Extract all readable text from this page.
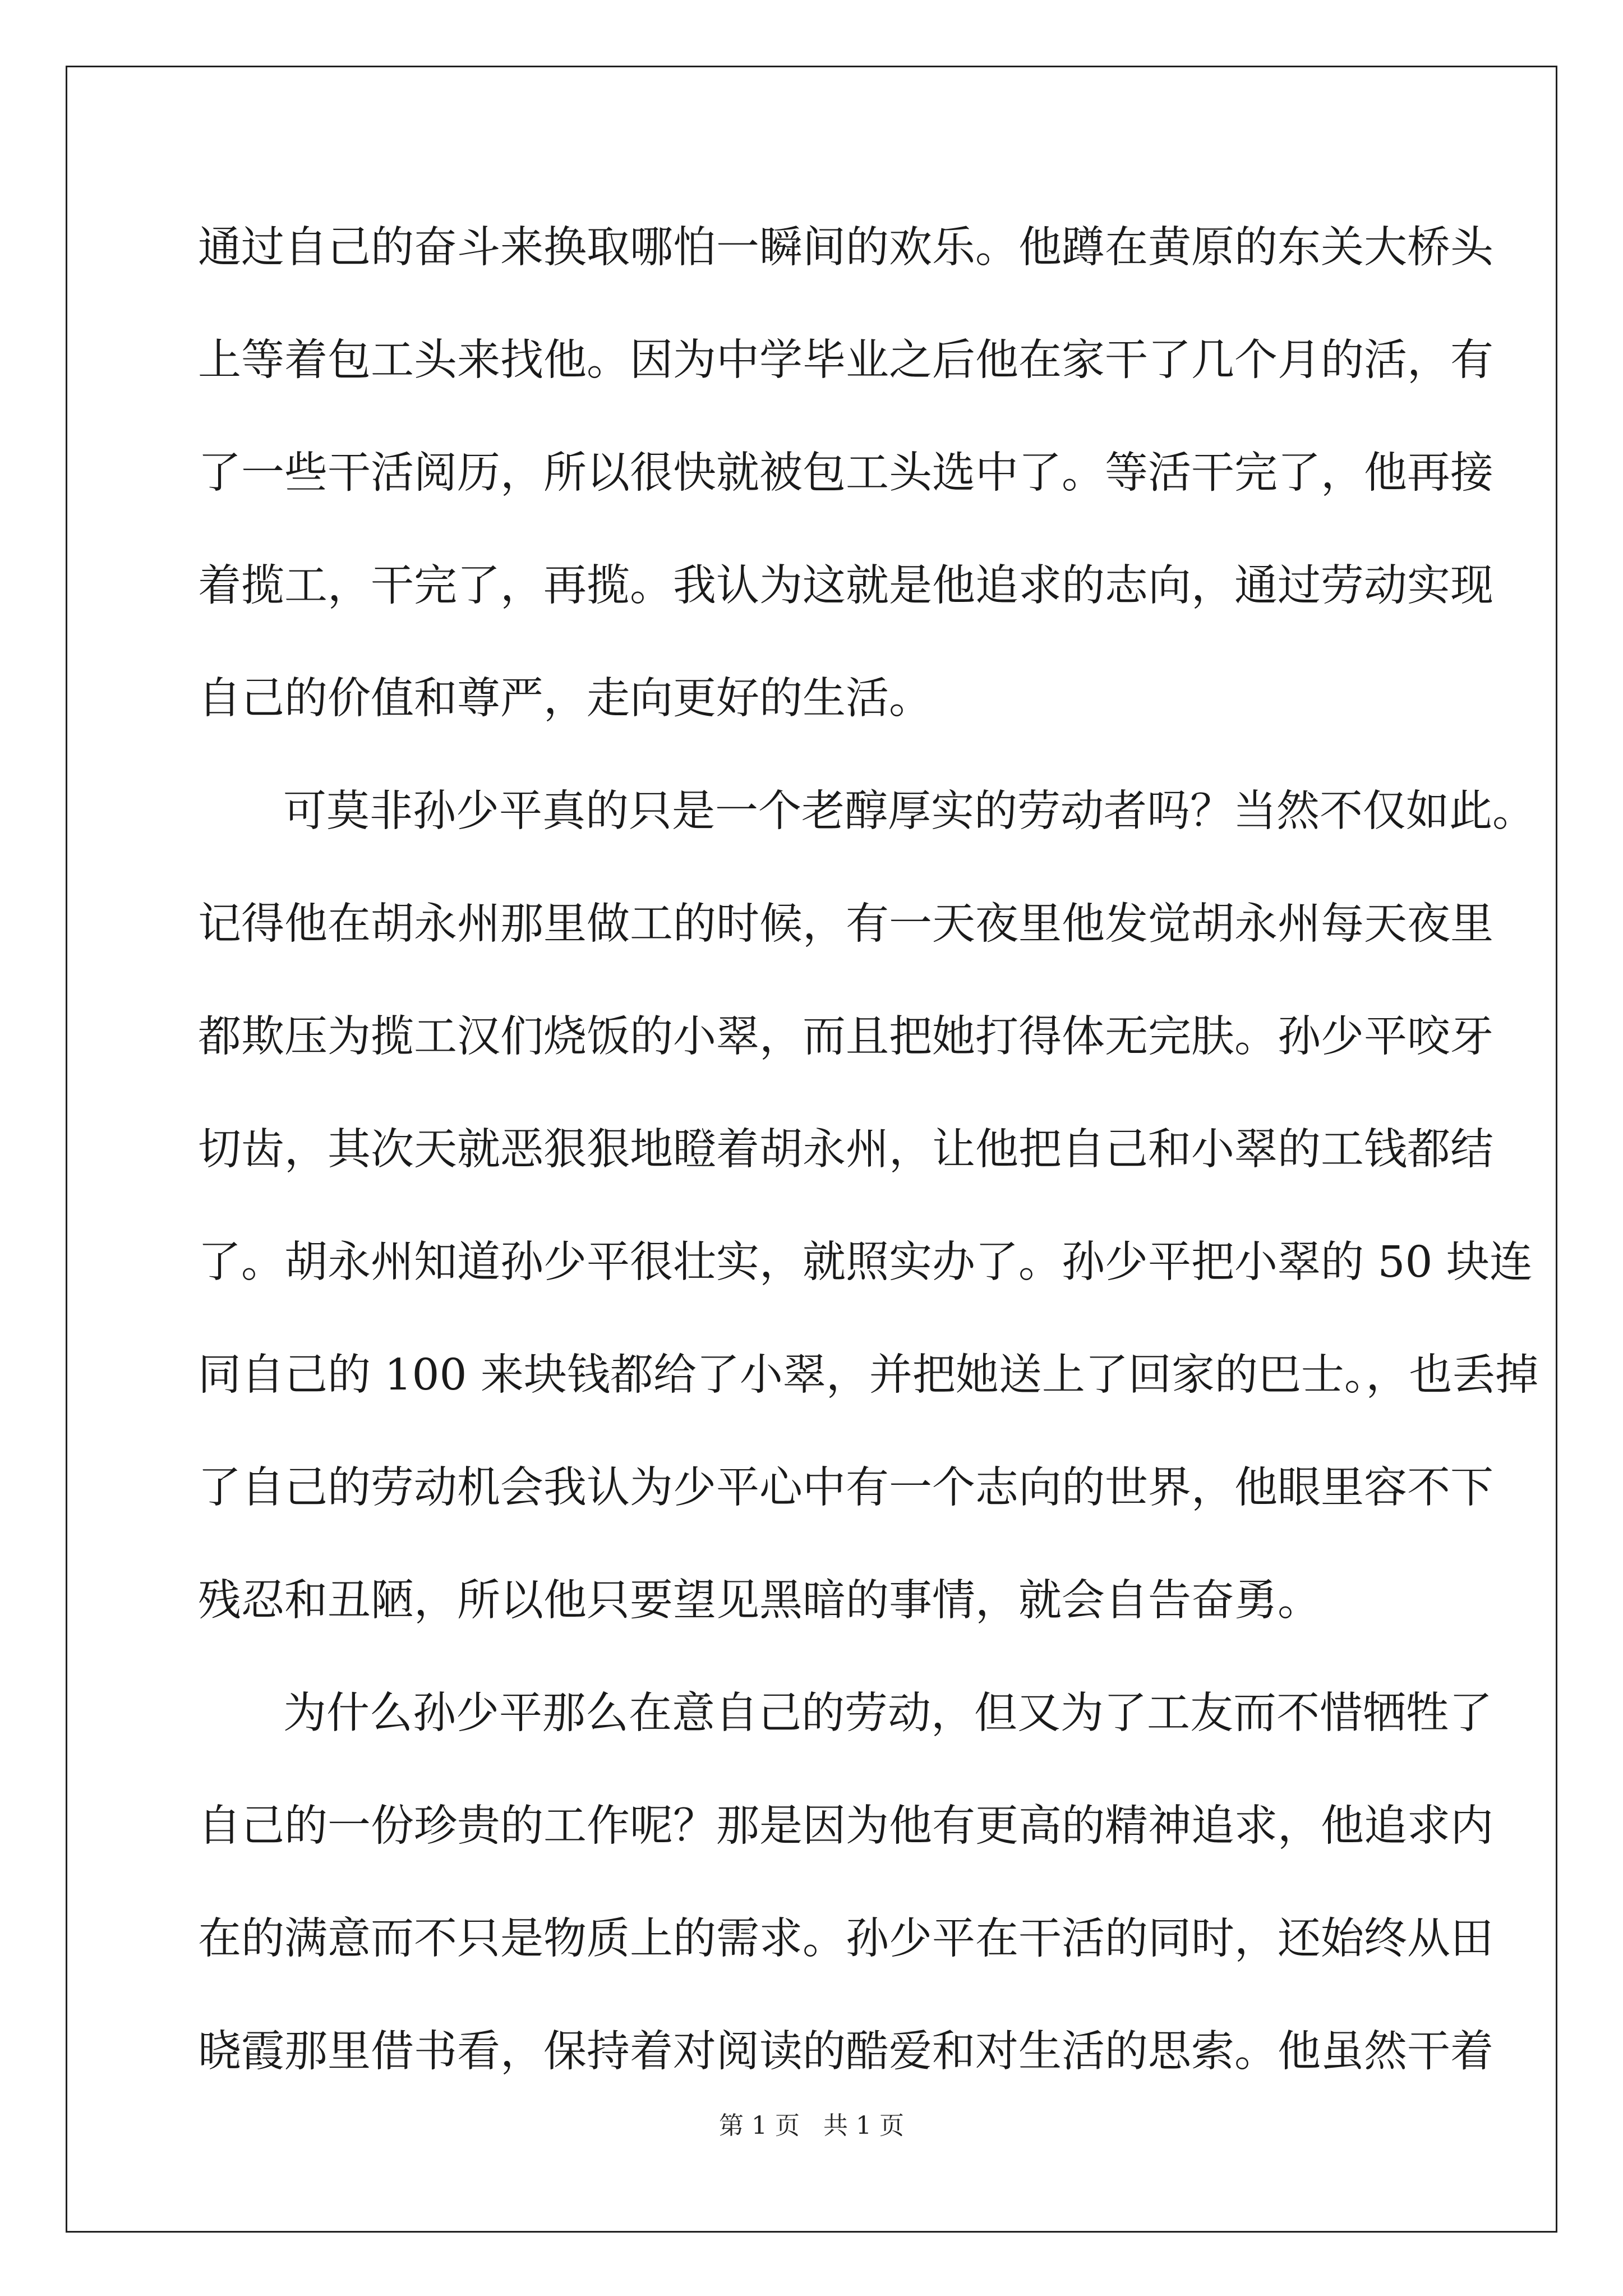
通过自己的奋斗来换取哪怕一瞬间的欢乐。他蹲在黄原的东关大桥头
上等着包工头来找他。因为中学毕业之后他在家干了几个月的活，有
了一些干活阅历，所以很快就被包工头选中了。等活干完了，他再接
着揽工，干完了，再揽。我认为这就是他追求的志向，通过劳动实现
自己的价值和尊严，走向更好的生活。
可莫非孙少平真的只是一个老醇厚实的劳动者吗？当然不仅如此。
记得他在胡永州那里做工的时候，有一天夜里他发觉胡永州每天夜里
都欺压为揽工汉们烧饭的小翠，而且把她打得体无完肤。孙少平咬牙
切齿，其次天就恶狠狠地瞪着胡永州，让他把自己和小翠的工钱都结
了。胡永州知道孙少平很壮实，就照实办了。孙少平把小翠的 50 块连
同自己的 100 来块钱都给了小翠，并把她送上了回家的巴士。，也丢掉
了自己的劳动机会我认为少平心中有一个志向的世界，他眼里容不下
残忍和丑陋，所以他只要望见黑暗的事情，就会自告奋勇。
为什么孙少平那么在意自己的劳动，但又为了工友而不惜牺牲了
自己的一份珍贵的工作呢？那是因为他有更高的精神追求，他追求内
在的满意而不只是物质上的需求。孙少平在干活的同时，还始终从田
晓霞那里借书看，保持着对阅读的酷爱和对生活的思索。他虽然干着
第 1 页   共 1 页
